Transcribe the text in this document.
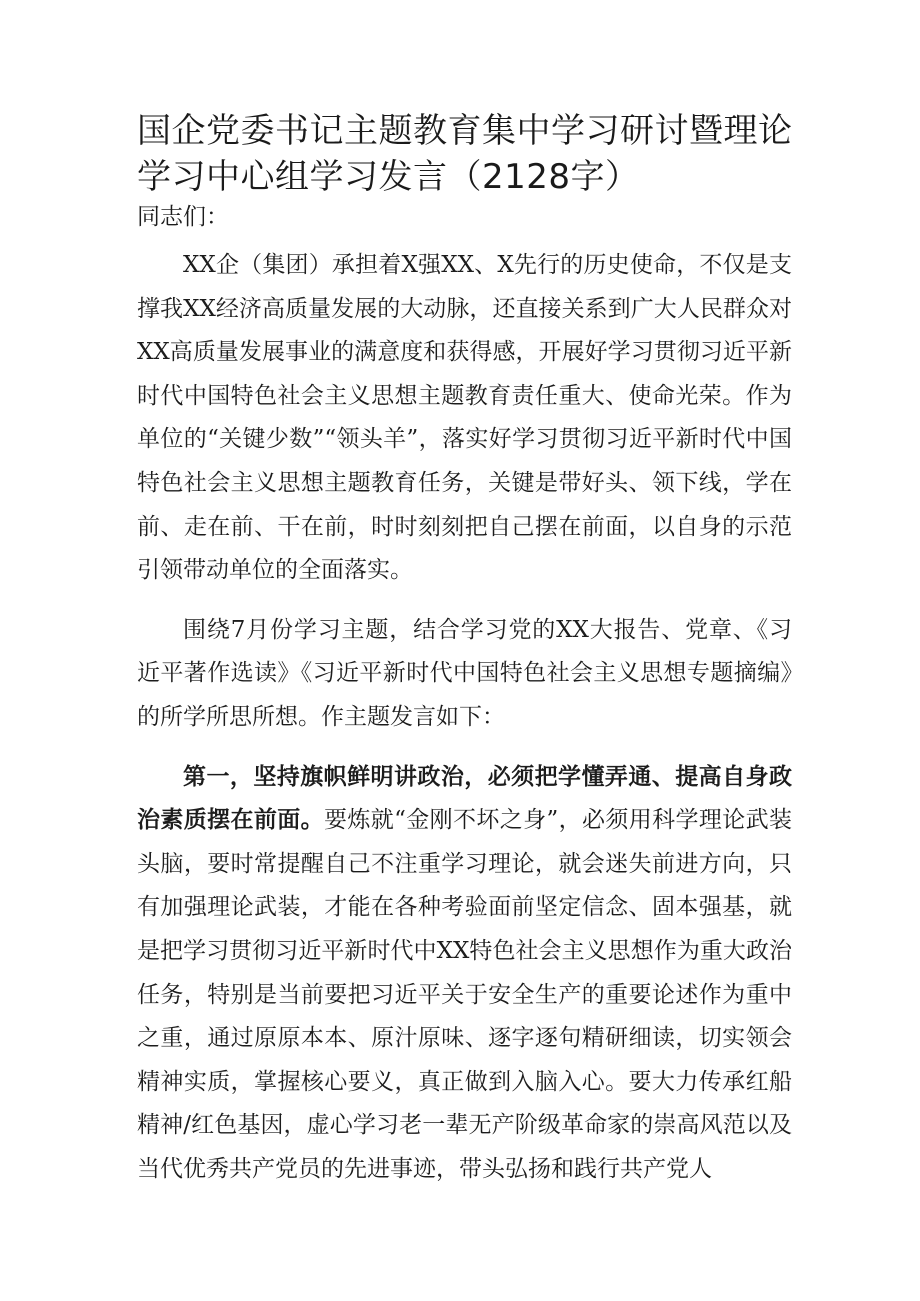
国企党委书记主题教育集中学习研讨暨理论学习中心组学习发言（2128字）

同志们：

XX企（集团）承担着X强XX、X先行的历史使命，不仅是支撑我XX经济高质量发展的大动脉，还直接关系到广大人民群众对XX高质量发展事业的满意度和获得感，开展好学习贯彻习近平新时代中国特色社会主义思想主题教育责任重大、使命光荣。作为单位的“关键少数”“领头羊”，落实好学习贯彻习近平新时代中国特色社会主义思想主题教育任务，关键是带好头、领下线，学在前、走在前、干在前，时时刻刻把自己摆在前面，以自身的示范引领带动单位的全面落实。

围绕7月份学习主题，结合学习党的XX大报告、党章、《习近平著作选读》《习近平新时代中国特色社会主义思想专题摘编》的所学所思所想。作主题发言如下：

第一，坚持旗帜鲜明讲政治，必须把学懂弄通、提高自身政治素质摆在前面。要炼就“金刚不坏之身”，必须用科学理论武装头脑，要时常提醒自己不注重学习理论，就会迷失前进方向，只有加强理论武装，才能在各种考验面前坚定信念、固本强基，就是把学习贯彻习近平新时代中XX特色社会主义思想作为重大政治任务，特别是当前要把习近平关于安全生产的重要论述作为重中之重，通过原原本本、原汁原味、逐字逐句精研细读，切实领会精神实质，掌握核心要义，真正做到入脑入心。要大力传承红船精神/红色基因，虚心学习老一辈无产阶级革命家的崇高风范以及当代优秀共产党员的先进事迹，带头弘扬和践行共产党人
